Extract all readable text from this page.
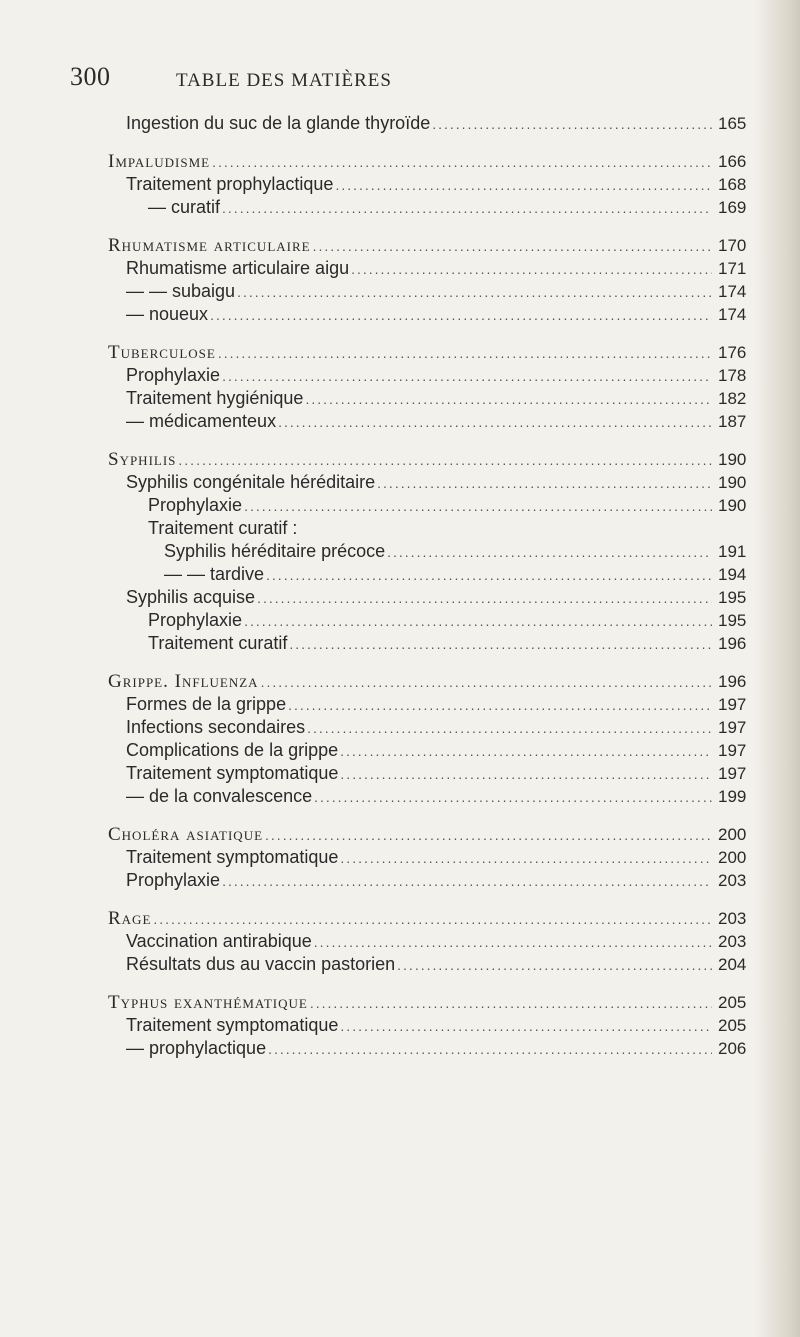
300	TABLE DES MATIÈRES
Ingestion du suc de la glande thyroïde .....	165
Impaludisme .....	166
Traitement prophylactique .....	168
— curatif .....	169
Rhumatisme articulaire .....	170
Rhumatisme articulaire aigu .....	171
— — subaigu .....	174
— noueux .....	174
Tuberculose .....	176
Prophylaxie .....	178
Traitement hygiénique .....	182
— médicamenteux .....	187
Syphilis .....	190
Syphilis congénitale héréditaire .....	190
Prophylaxie .....	190
Traitement curatif :
Syphilis héréditaire précoce .....	191
— — tardive .....	194
Syphilis acquise .....	195
Prophylaxie .....	195
Traitement curatif .....	196
Grippe. Influenza .....	196
Formes de la grippe .....	197
Infections secondaires .....	197
Complications de la grippe .....	197
Traitement symptomatique .....	197
— de la convalescence .....	199
Choléra asiatique .....	200
Traitement symptomatique .....	200
Prophylaxie .....	203
Rage .....	203
Vaccination antirabique .....	203
Résultats dus au vaccin pastorien .....	204
Typhus exanthématique .....	205
Traitement symptomatique .....	205
— prophylactique .....	206
